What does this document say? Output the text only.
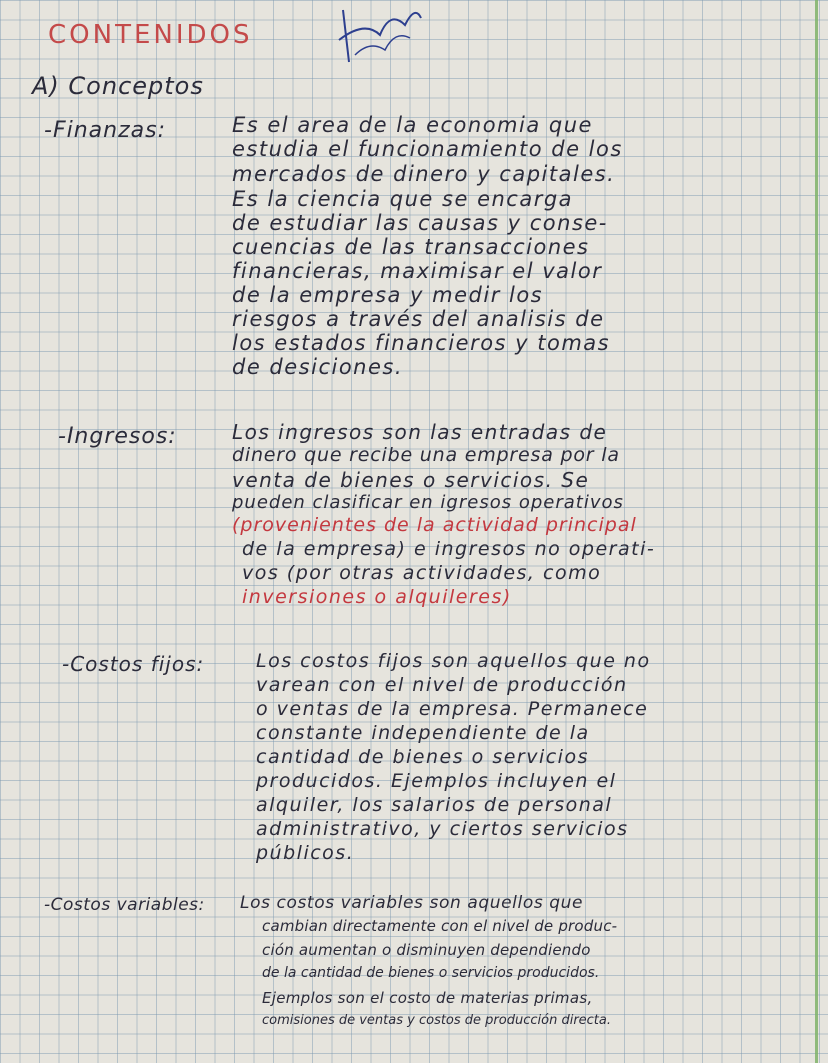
CONTENIDOS
A) Conceptos
-Finanzas:	Es el area de la economia que
estudia el funcionamiento de los
mercados de dinero y capitales.
Es la ciencia que se encarga
de estudiar las causas y conse-
cuencias de las transacciones
financieras, maximisar el valor
de la empresa y medir los
riesgos a través del analisis de
los estados financieros y tomas
de desiciones.
-Ingresos:	Los ingresos son las entradas de
dinero que recibe una empresa por la
venta de bienes o servicios. Se
pueden clasificar en igresos operativos
(provenientes de la actividad principal
de la empresa) e ingresos no operati-
vos (por otras actividades, como
inversiones o alquileres)
-Costos fijos:	Los costos fijos son aquellos que no
varean con el nivel de producción
o ventas de la empresa. Permanece
constante independiente de la
cantidad de bienes o servicios
producidos. Ejemplos incluyen el
alquiler, los salarios de personal
administrativo, y ciertos servicios
públicos.
-Costos variables: Los costos variables son aquellos que
cambian directamente con el nivel de produc-
ción aumentan o disminuyen dependiendo
de la cantidad de bienes o servicios producidos.
Ejemplos son el costo de materias primas,
comisiones de ventas y costos de producción directa.
